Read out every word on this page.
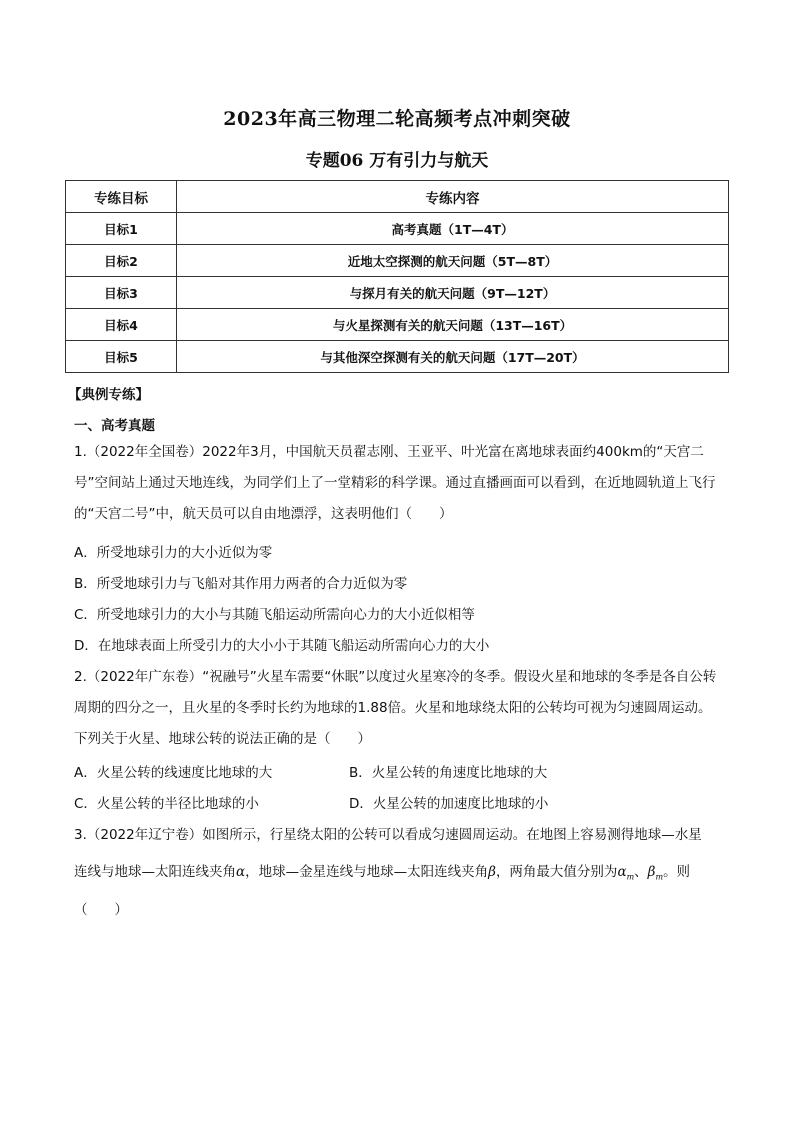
2023年高三物理二轮高频考点冲刺突破
专题06 万有引力与航天
专练目标	专练内容
目标1	高考真题（1T—4T）
目标2	近地太空探测的航天问题（5T—8T）
目标3	与探月有关的航天问题（9T—12T）
目标4	与火星探测有关的航天问题（13T—16T）
目标5	与其他深空探测有关的航天问题（17T—20T）
【典例专练】
一、高考真题
1.（2022年全国卷）2022年3月，中国航天员翟志刚、王亚平、叶光富在离地球表面约400km的“天宫二号”空间站上通过天地连线，为同学们上了一堂精彩的科学课。通过直播画面可以看到，在近地圆轨道上飞行的“天宫二号”中，航天员可以自由地漂浮，这表明他们（　　）
A．所受地球引力的大小近似为零
B．所受地球引力与飞船对其作用力两者的合力近似为零
C．所受地球引力的大小与其随飞船运动所需向心力的大小近似相等
D．在地球表面上所受引力的大小小于其随飞船运动所需向心力的大小
2.（2022年广东卷）“祝融号”火星车需要“休眠”以度过火星寒冷的冬季。假设火星和地球的冬季是各自公转周期的四分之一，且火星的冬季时长约为地球的1.88倍。火星和地球绕太阳的公转均可视为匀速圆周运动。下列关于火星、地球公转的说法正确的是（　　）
A．火星公转的线速度比地球的大	B．火星公转的角速度比地球的大
C．火星公转的半径比地球的小	D．火星公转的加速度比地球的小
3.（2022年辽宁卷）如图所示，行星绕太阳的公转可以看成匀速圆周运动。在地图上容易测得地球—水星
连线与地球—太阳连线夹角α，地球—金星连线与地球—太阳连线夹角β，两角最大值分别为$\alpha_m$、$\beta_m$。则
（　　）
